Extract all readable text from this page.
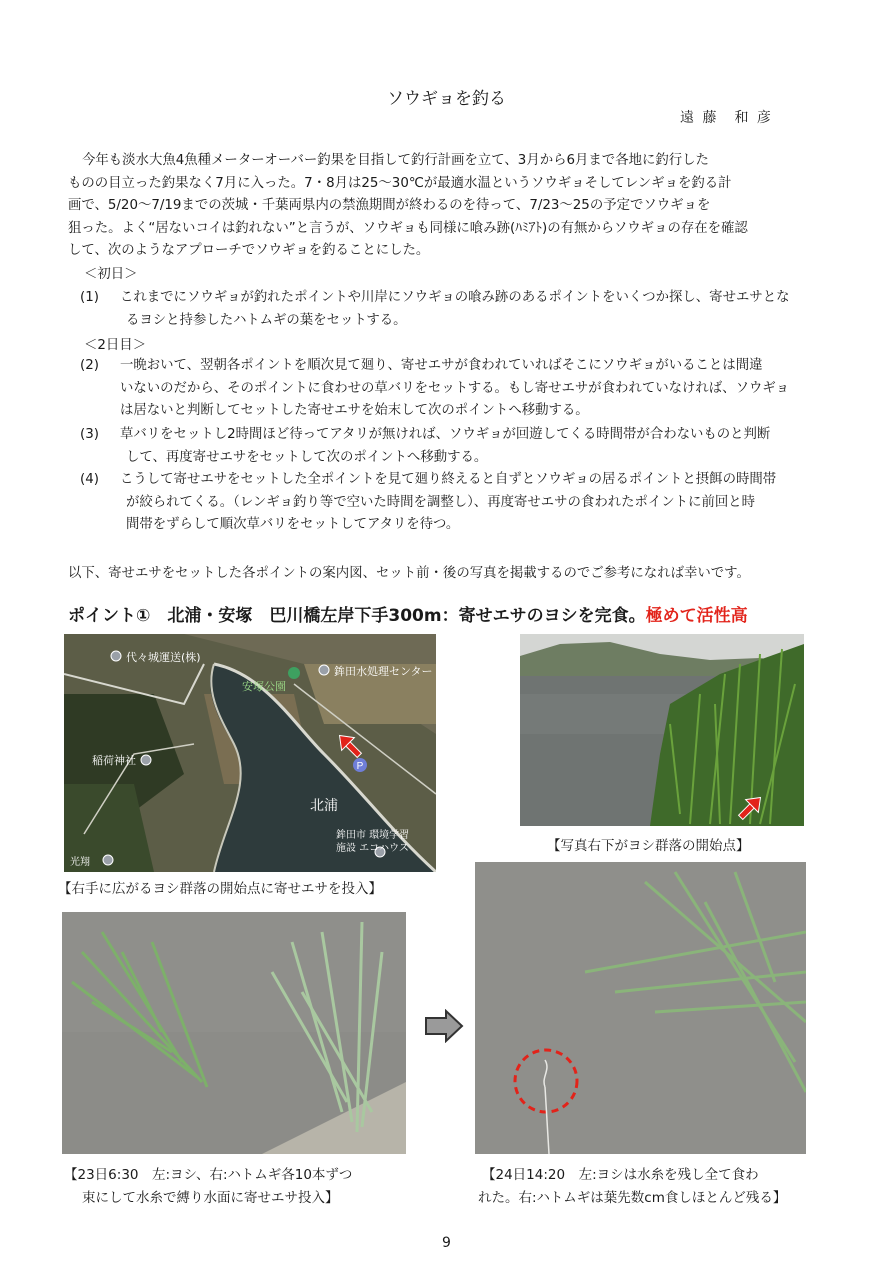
ソウギョを釣る
遠 藤　和 彦

今年も淡水大魚4魚種メーターオーバー釣果を目指して釣行計画を立て、3月から6月まで各地に釣行した

ものの目立った釣果なく7月に入った。7・8月は25～30℃が最適水温というソウギョそしてレンギョを釣る計

画で、5/20～7/19までの茨城・千葉両県内の禁漁期間が終わるのを待って、7/23～25の予定でソウギョを

狙った。よく“居ないコイは釣れない”と言うが、ソウギョも同様に喰み跡(ﾊﾐｱﾄ)の有無からソウギョの存在を確認

して、次のようなアプローチでソウギョを釣ることにした。

＜初日＞
(1) これまでにソウギョが釣れたポイントや川岸にソウギョの喰み跡のあるポイントをいくつか探し、寄せエサとな

るヨシと持参したハトムギの葉をセットする。

＜2日目＞
(2) 一晩おいて、翌朝各ポイントを順次見て廻り、寄せエサが食われていればそこにソウギョがいることは間違

いないのだから、そのポイントに食わせの草バリをセットする。もし寄せエサが食われていなければ、ソウギョ

は居ないと判断してセットした寄せエサを始末して次のポイントへ移動する。

(3) 草バリをセットし2時間ほど待ってアタリが無ければ、ソウギョが回遊してくる時間帯が合わないものと判断

して、再度寄せエサをセットして次のポイントへ移動する。

(4) こうして寄せエサをセットした全ポイントを見て廻り終えると自ずとソウギョの居るポイントと摂餌の時間帯

が絞られてくる。（レンギョ釣り等で空いた時間を調整し）、再度寄せエサの食われたポイントに前回と時

間帯をずらして順次草バリをセットしてアタリを待つ。

以下、寄せエサをセットした各ポイントの案内図、セット前・後の写真を掲載するのでご参考になれば幸いです。
ポイント①　北浦・安塚　巴川橋左岸下手300m：寄せエサのヨシを完食。極めて活性高
P
代々城運送(株)
安塚公園
鉾田水処理センター
稲荷神社
北浦
鉾田市 環境学習
施設 エコハウス
光翔
【右手に広がるヨシ群落の開始点に寄せエサを投入】
【写真右下がヨシ群落の開始点】
【23日6:30　左:ヨシ、右:ハトムギ各10本ずつ
束にして水糸で縛り水面に寄せエサ投入】
【24日14:20　左:ヨシは水糸を残し全て食わ
れた。右:ハトムギは葉先数cm食しほとんど残る】
9
